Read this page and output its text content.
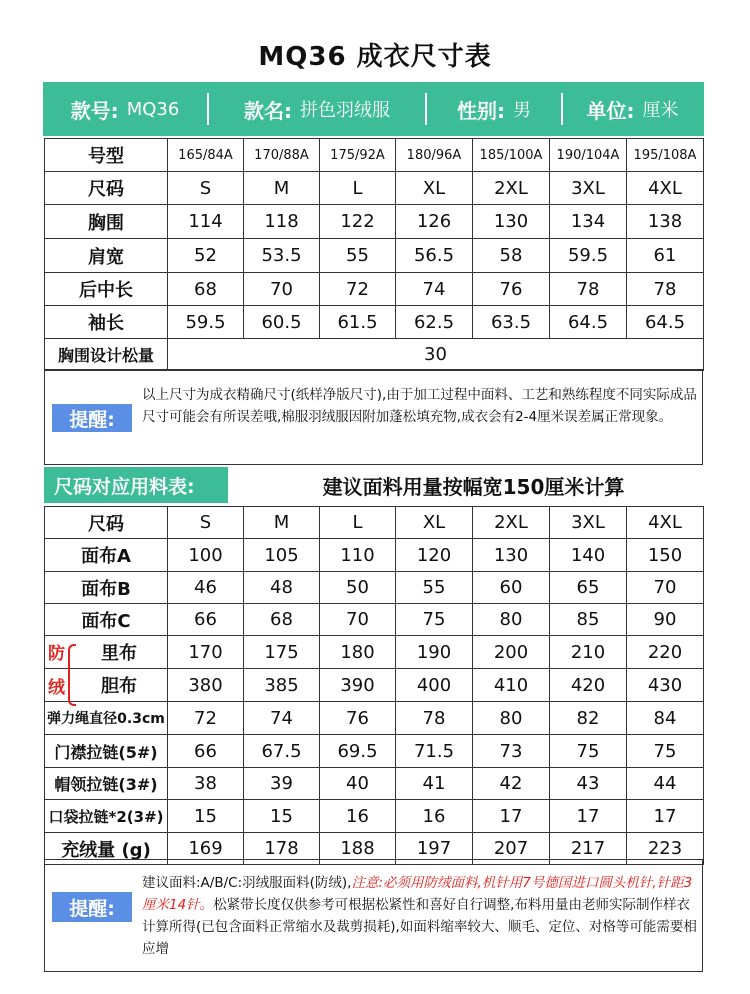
MQ36 成衣尺寸表
款号: MQ36	款名: 拼色羽绒服	性别: 男	单位: 厘米
号型	165/84A	170/88A	175/92A	180/96A	185/100A	190/104A	195/108A
尺码	S	M	L	XL	2XL	3XL	4XL
胸围	114	118	122	126	130	134	138
肩宽	52	53.5	55	56.5	58	59.5	61
后中长	68	70	72	74	76	78	78
袖长	59.5	60.5	61.5	62.5	63.5	64.5	64.5
胸围设计松量	30						
提醒:
以上尺寸为成衣精确尺寸(纸样净版尺寸),由于加工过程中面料、工艺和熟练程度不同实际成品尺寸可能会有所误差哦,棉服羽绒服因附加蓬松填充物,成衣会有2-4厘米误差属正常现象。
尺码对应用料表:	建议面料用量按幅宽150厘米计算
尺码	S	M	L	XL	2XL	3XL	4XL
面布A	100	105	110	120	130	140	150
面布B	46	48	50	55	60	65	70
面布C	66	68	70	75	80	85	90
里布	170	175	180	190	200	210	220
胆布	380	385	390	400	410	420	430
弹力绳直径0.3cm	72	74	76	78	80	82	84
门襟拉链(5#)	66	67.5	69.5	71.5	73	75	75
帽领拉链(3#)	38	39	40	41	42	43	44
口袋拉链*2(3#)	15	15	16	16	17	17	17
充绒量 (g)	169	178	188	197	207	217	223
防
绒
提醒:
建议面料:A/B/C:羽绒服面料(防绒),注意:必须用防绒面料,机针用7号德国进口圆头机针,针距3厘米14针。松紧带长度仅供参考可根据松紧性和喜好自行调整,布料用量由老师实际制作样衣计算所得(已包含面料正常缩水及裁剪损耗),如面料缩率较大、顺毛、定位、对格等可能需要相应增
